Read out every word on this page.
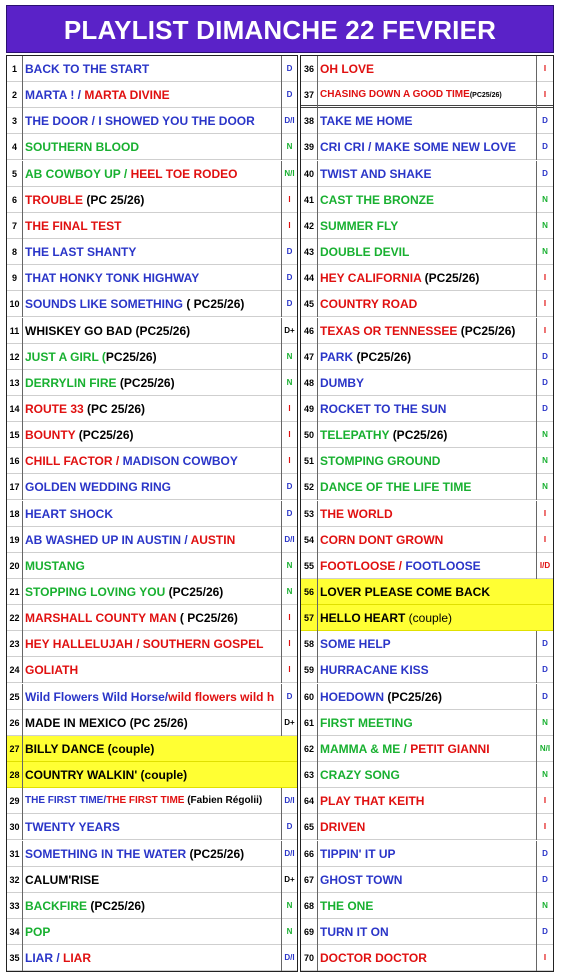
PLAYLIST DIMANCHE 22 FEVRIER
1 BACK TO THE START	D
2 MARTA ! / MARTA DIVINE	D
3 THE DOOR / I SHOWED YOU THE DOOR	D/I
4 SOUTHERN BLOOD	N
5 AB COWBOY UP / HEEL TOE RODEO	N/I
6 TROUBLE (PC 25/26)	I
7 THE FINAL TEST	I
8 THE LAST SHANTY	D
9 THAT HONKY TONK HIGHWAY	D
10 SOUNDS LIKE SOMETHING ( PC25/26)	D
11 WHISKEY GO BAD (PC25/26)	D+
12 JUST A GIRL (PC25/26)	N
13 DERRYLIN FIRE (PC25/26)	N
14 ROUTE 33 (PC 25/26)	I
15 BOUNTY (PC25/26)	I
16 CHILL FACTOR / MADISON COWBOY	I
17 GOLDEN WEDDING RING	D
18 HEART SHOCK	D
19 AB WASHED UP IN AUSTIN / AUSTIN	D/I
20 MUSTANG	N
21 STOPPING LOVING YOU (PC25/26)	N
22 MARSHALL COUNTY MAN ( PC25/26)	I
23 HEY HALLELUJAH / SOUTHERN GOSPEL	I
24 GOLIATH	I
25 Wild Flowers Wild Horse/wild flowers wild h	D
26 MADE IN MEXICO (PC 25/26)	D+
27 BILLY DANCE (couple)
28 COUNTRY WALKIN' (couple)
29 THE FIRST TIME/THE FIRST TIME (Fabien Régolii)	D/I
30 TWENTY YEARS	D
31 SOMETHING IN THE WATER (PC25/26)	D/I
32 CALUM'RISE	D+
33 BACKFIRE (PC25/26)	N
34 POP	N
35 LIAR / LIAR	D/I
36 OH LOVE	I
37 CHASING DOWN A GOOD TIME(PC25/26)	I
38 TAKE ME HOME	D
39 CRI CRI / MAKE SOME NEW LOVE	D
40 TWIST AND SHAKE	D
41 CAST THE BRONZE	N
42 SUMMER FLY	N
43 DOUBLE DEVIL	N
44 HEY CALIFORNIA (PC25/26)	I
45 COUNTRY ROAD	I
46 TEXAS OR TENNESSEE (PC25/26)	I
47 PARK (PC25/26)	D
48 DUMBY	D
49 ROCKET TO THE SUN	D
50 TELEPATHY (PC25/26)	N
51 STOMPING GROUND	N
52 DANCE OF THE LIFE TIME	N
53 THE WORLD	I
54 CORN DONT GROWN	I
55 FOOTLOOSE / FOOTLOOSE	I/D
56 LOVER PLEASE COME BACK
57 HELLO HEART (couple)
58 SOME HELP	D
59 HURRACANE KISS	D
60 HOEDOWN (PC25/26)	D
61 FIRST MEETING	N
62 MAMMA & ME / PETIT GIANNI	N/I
63 CRAZY SONG	N
64 PLAY THAT KEITH	I
65 DRIVEN	I
66 TIPPIN' IT UP	D
67 GHOST TOWN	D
68 THE ONE	N
69 TURN IT ON	D
70 DOCTOR DOCTOR	I
